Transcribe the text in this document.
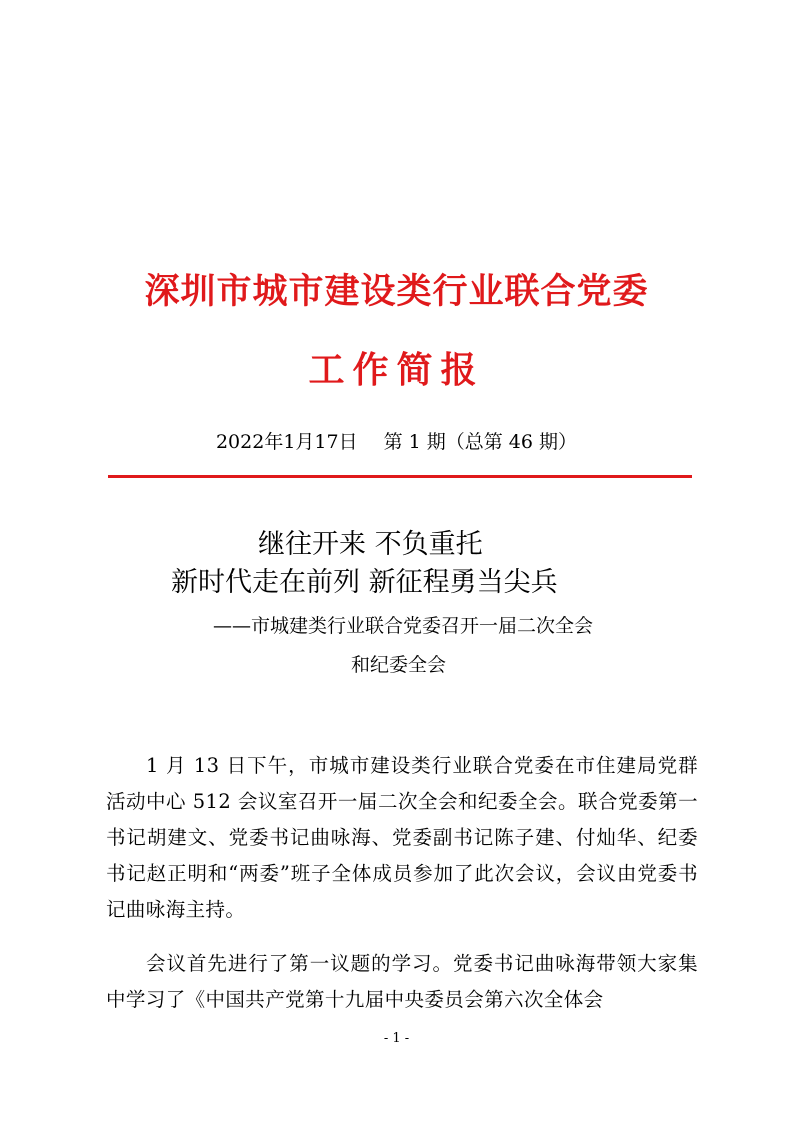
深圳市城市建设类行业联合党委
工作简报
2022年1月17日 第 1 期（总第 46 期）
继往开来 不负重托
新时代走在前列 新征程勇当尖兵
——市城建类行业联合党委召开一届二次全会
和纪委全会

1 月 13 日下午，市城市建设类行业联合党委在市住建局党群活动中心 512 会议室召开一届二次全会和纪委全会。联合党委第一书记胡建文、党委书记曲咏海、党委副书记陈子建、付灿华、纪委书记赵正明和“两委”班子全体成员参加了此次会议，会议由党委书记曲咏海主持。

会议首先进行了第一议题的学习。党委书记曲咏海带领大家集中学习了《中国共产党第十九届中央委员会第六次全体会

- 1 -
